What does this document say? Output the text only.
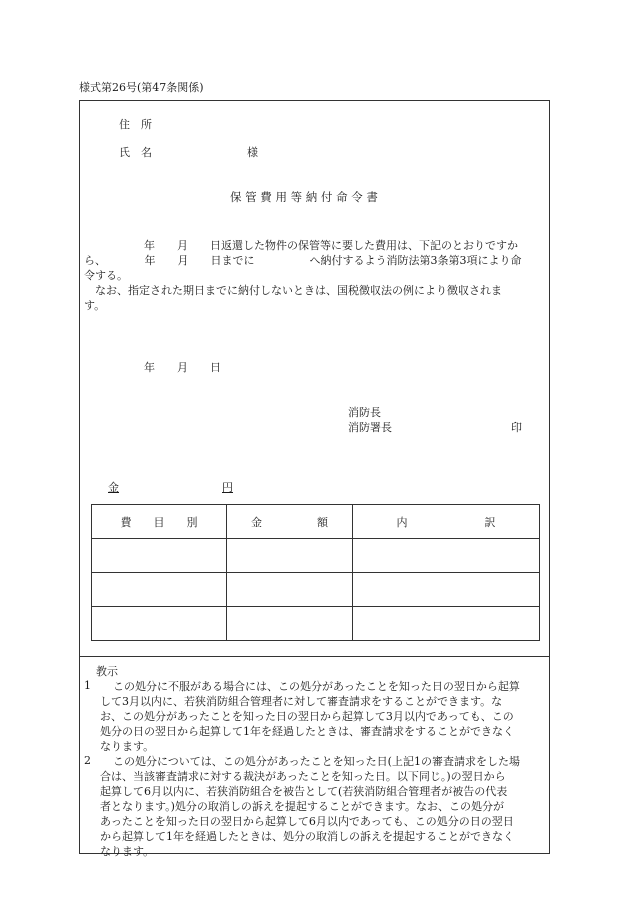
様式第26号(第47条関係)
住　所
氏　名	様
保 管 費 用 等 納 付 命 令 書
年　　月　　日返還した物件の保管等に要した費用は、下記のとおりですか
ら、　　　　年　　月　　日までに　　　　　へ納付するよう消防法第3条第3項により命
令する。
なお、指定された期日までに納付しないときは、国税徴収法の例により徴収されま
す。
年　　月　　日
消防長
消防署長	印
金	円
費　　目　　別	金　　　　　額	内　　　　　　　訳

教示
1 この処分に不服がある場合には、この処分があったことを知った日の翌日から起算
して3月以内に、若狭消防組合管理者に対して審査請求をすることができます。な
お、この処分があったことを知った日の翌日から起算して3月以内であっても、この
処分の日の翌日から起算して1年を経過したときは、審査請求をすることができなく
なります。
2 この処分については、この処分があったことを知った日(上記1の審査請求をした場
合は、当該審査請求に対する裁決があったことを知った日。以下同じ。)の翌日から
起算して6月以内に、若狭消防組合を被告として(若狭消防組合管理者が被告の代表
者となります。)処分の取消しの訴えを提起することができます。なお、この処分が
あったことを知った日の翌日から起算して6月以内であっても、この処分の日の翌日
から起算して1年を経過したときは、処分の取消しの訴えを提起することができなく
なります。
